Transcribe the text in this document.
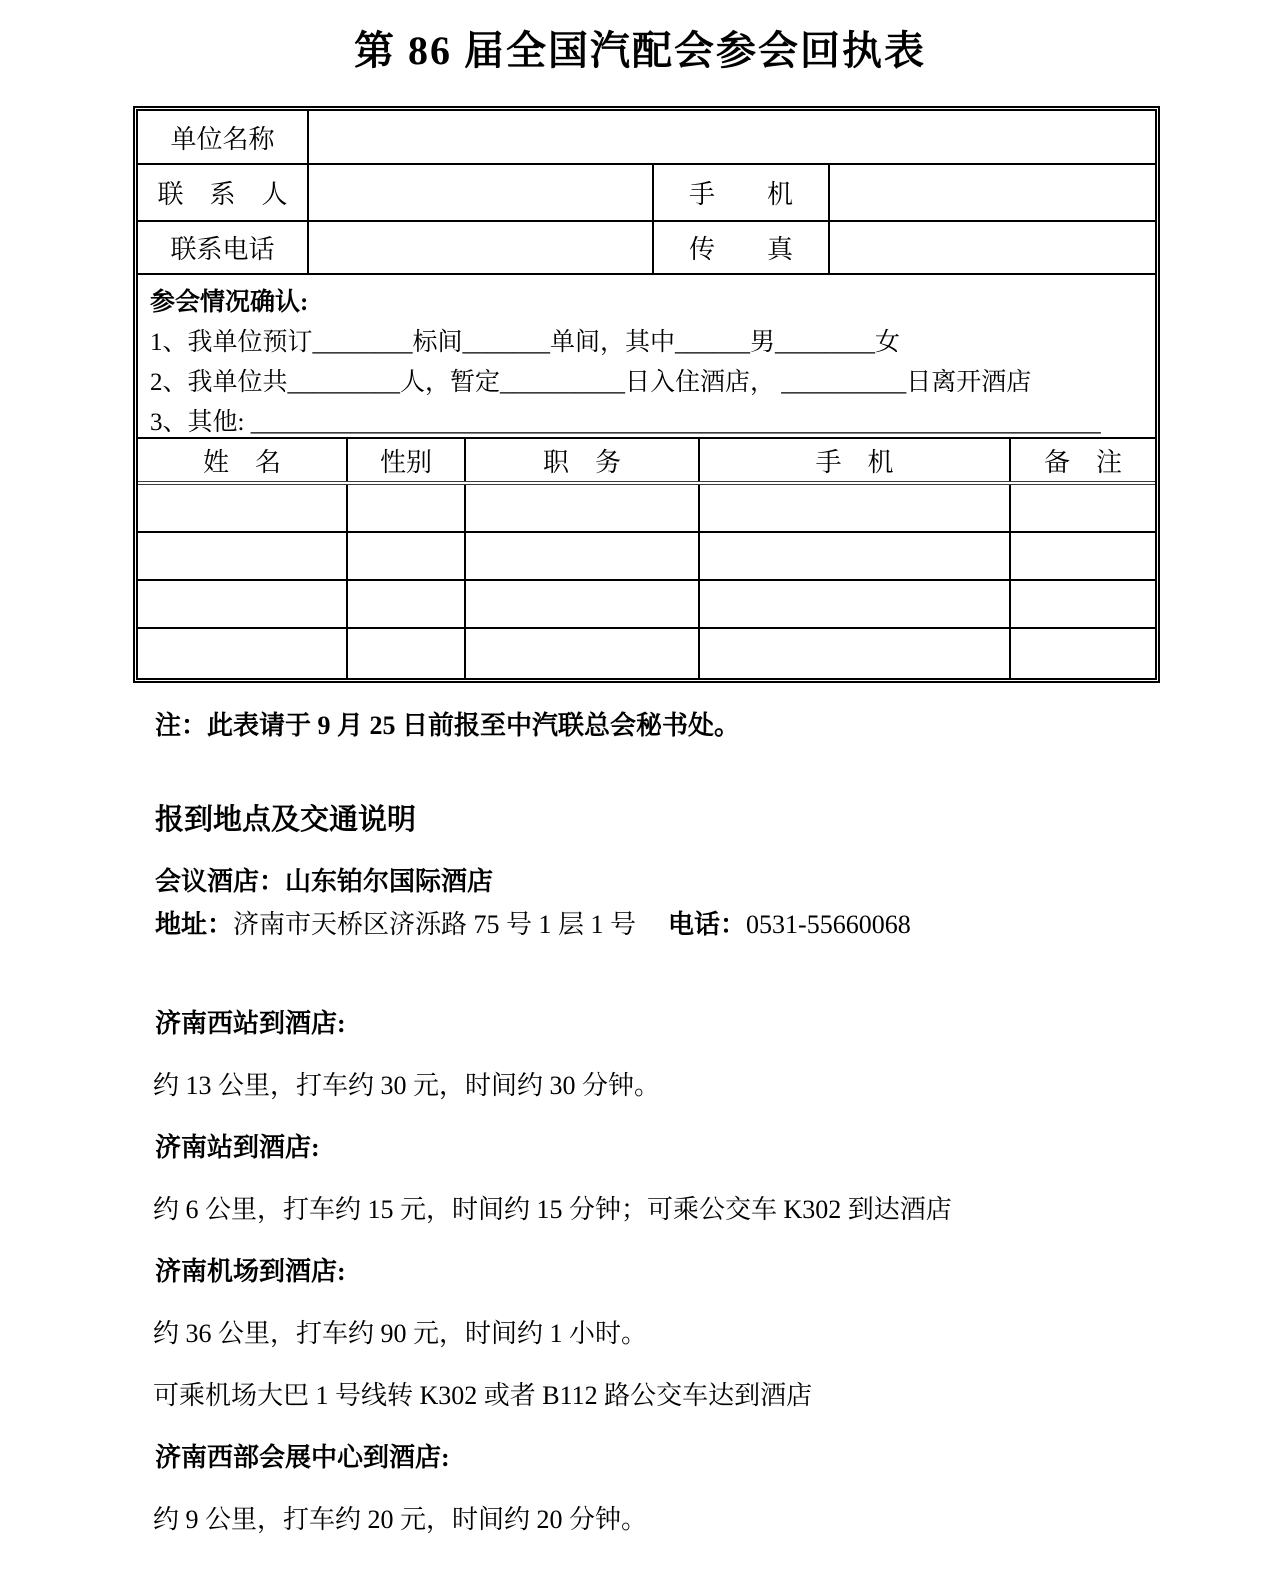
第 86 届全国汽配会参会回执表
单位名称
联　系　人	手　　机
联系电话	传　　真
参会情况确认:
1、我单位预订________标间_______单间，其中______男________女
2、我单位共_________人，暂定__________日入住酒店， __________日离开酒店
3、其他: ____________________________________________________________________
姓　名	性别	职　务	手　机	备　注
注：此表请于 9 月 25 日前报至中汽联总会秘书处。
报到地点及交通说明
会议酒店：山东铂尔国际酒店
地址：济南市天桥区济泺路 75 号 1 层 1 号 电话：0531-55660068
济南西站到酒店:
约 13 公里，打车约 30 元，时间约 30 分钟。
济南站到酒店:
约 6 公里，打车约 15 元，时间约 15 分钟；可乘公交车 K302 到达酒店
济南机场到酒店:
约 36 公里，打车约 90 元，时间约 1 小时。
可乘机场大巴 1 号线转 K302 或者 B112 路公交车达到酒店
济南西部会展中心到酒店:
约 9 公里，打车约 20 元，时间约 20 分钟。
